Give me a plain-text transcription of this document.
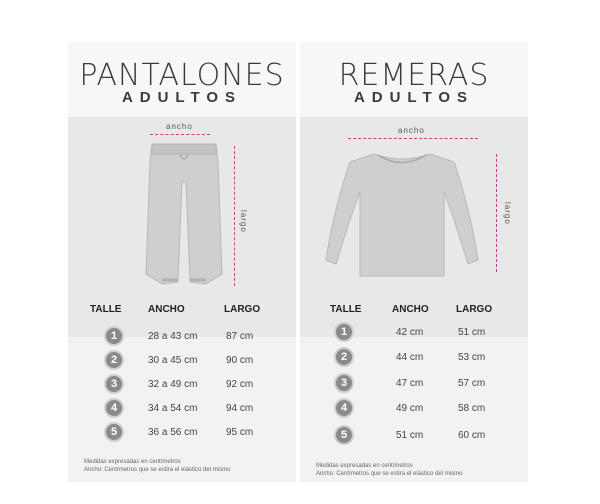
PANTALONES
ADULTOS
ancho
largo
TALLE	ANCHO	LARGO
1	28 a 43 cm	87 cm
2	30 a 45 cm	90 cm
3	32 a 49 cm	92 cm
4	34 a 54 cm	94 cm
5	36 a 56 cm	95 cm
Medidas expresadas en centímetros
Ancho: Centímetros que se estira el elástico del mismo
REMERAS
ADULTOS
ancho
largo
TALLE	ANCHO	LARGO
1	42 cm	51 cm
2	44 cm	53 cm
3	47 cm	57 cm
4	49 cm	58 cm
5	51 cm	60 cm
Medidas expresadas en centímetros
Ancho: Centímetros que se estira el elástico del mismo
